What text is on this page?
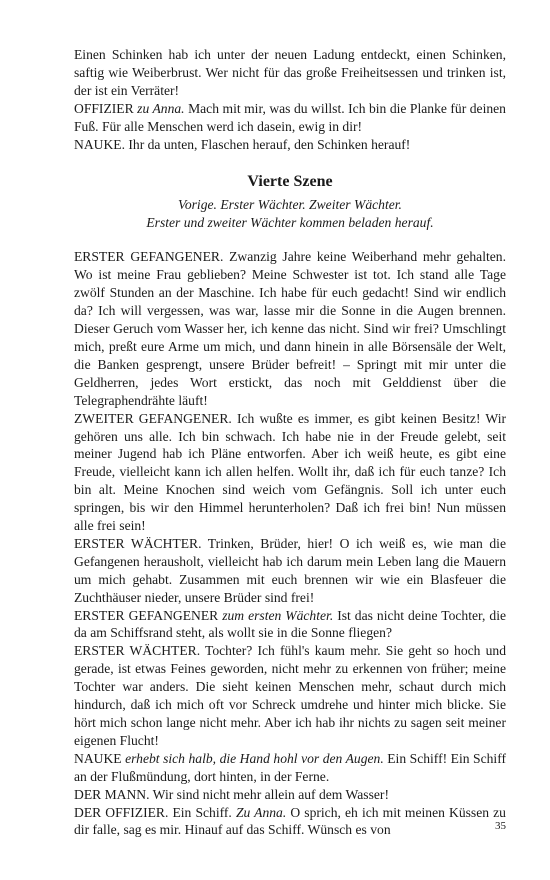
Einen Schinken hab ich unter der neuen Ladung entdeckt, einen Schinken, saftig wie Weiberbrust. Wer nicht für das große Freiheitsessen und trinken ist, der ist ein Verräter!

OFFIZIER zu Anna. Mach mit mir, was du willst. Ich bin die Planke für deinen Fuß. Für alle Menschen werd ich dasein, ewig in dir!

NAUKE. Ihr da unten, Flaschen herauf, den Schinken herauf!

Vierte Szene
Vorige. Erster Wächter. Zweiter Wächter.
Erster und zweiter Wächter kommen beladen herauf.

ERSTER GEFANGENER. Zwanzig Jahre keine Weiberhand mehr gehalten. Wo ist meine Frau geblieben? Meine Schwester ist tot. Ich stand alle Tage zwölf Stunden an der Maschine. Ich habe für euch gedacht! Sind wir endlich da? Ich will vergessen, was war, lasse mir die Sonne in die Augen brennen. Dieser Geruch vom Wasser her, ich kenne das nicht. Sind wir frei? Umschlingt mich, preßt eure Arme um mich, und dann hinein in alle Börsensäle der Welt, die Banken gesprengt, unsere Brüder befreit! – Springt mit mir unter die Geldherren, jedes Wort erstickt, das noch mit Gelddienst über die Telegraphendrähte läuft!

ZWEITER GEFANGENER. Ich wußte es immer, es gibt keinen Besitz! Wir gehören uns alle. Ich bin schwach. Ich habe nie in der Freude gelebt, seit meiner Jugend hab ich Pläne entworfen. Aber ich weiß heute, es gibt eine Freude, vielleicht kann ich allen helfen. Wollt ihr, daß ich für euch tanze? Ich bin alt. Meine Knochen sind weich vom Gefängnis. Soll ich unter euch springen, bis wir den Himmel herunterholen? Daß ich frei bin! Nun müssen alle frei sein!

ERSTER WÄCHTER. Trinken, Brüder, hier! O ich weiß es, wie man die Gefangenen herausholt, vielleicht hab ich darum mein Leben lang die Mauern um mich gehabt. Zusammen mit euch brennen wir wie ein Blasfeuer die Zuchthäuser nieder, unsere Brüder sind frei!

ERSTER GEFANGENER zum ersten Wächter. Ist das nicht deine Tochter, die da am Schiffsrand steht, als wollt sie in die Sonne fliegen?

ERSTER WÄCHTER. Tochter? Ich fühl's kaum mehr. Sie geht so hoch und gerade, ist etwas Feines geworden, nicht mehr zu erkennen von früher; meine Tochter war anders. Die sieht keinen Menschen mehr, schaut durch mich hindurch, daß ich mich oft vor Schreck umdrehe und hinter mich blicke. Sie hört mich schon lange nicht mehr. Aber ich hab ihr nichts zu sagen seit meiner eigenen Flucht!

NAUKE erhebt sich halb, die Hand hohl vor den Augen. Ein Schiff! Ein Schiff an der Flußmündung, dort hinten, in der Ferne.

DER MANN. Wir sind nicht mehr allein auf dem Wasser!

DER OFFIZIER. Ein Schiff. Zu Anna. O sprich, eh ich mit meinen Küssen zu dir falle, sag es mir. Hinauf auf das Schiff. Wünsch es von	35
